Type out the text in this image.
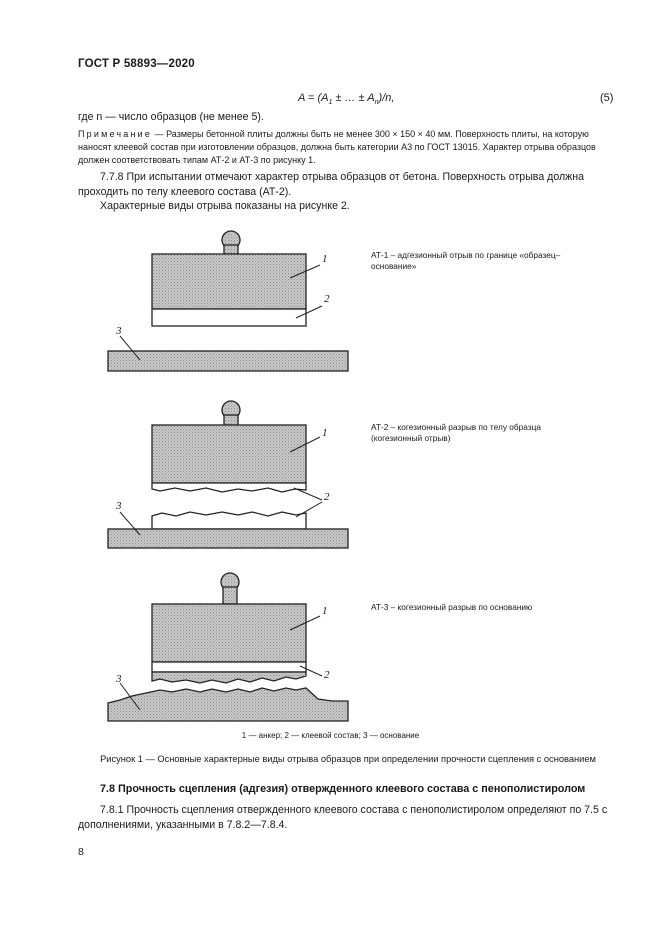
ГОСТ Р 58893—2020
$A = (A_1$ ± … ± $A_n)/n$,	(5)
где n — число образцов (не менее 5).
Примечание — Размеры бетонной плиты должны быть не менее 300 × 150 × 40 мм. Поверхность плиты, на которую наносят клеевой состав при изготовлении образцов, должна быть категории А3 по ГОСТ 13015. Характер отрыва образцов должен соответствовать типам АТ-2 и АТ-3 по рисунку 1.
7.7.8 При испытании отмечают характер отрыва образцов от бетона. Поверхность отрыва должна проходить по телу клеевого состава (АТ-2).
Характерные виды отрыва показаны на рисунке 2.
1
2
3
1
2
3
1
2
3
АТ-1 – адгезионный отрыв по границе «образец–основание»
АТ-2 – когезионный разрыв по телу образца (когезионный отрыв)
АТ-3 – когезионный разрыв по основанию
1 — анкер; 2 — клеевой состав; 3 — основание
Рисунок 1 — Основные характерные виды отрыва образцов при определении прочности сцепления с основанием
7.8 Прочность сцепления (адгезия) отвержденного клеевого состава с пенополистиролом
7.8.1 Прочность сцепления отвержденного клеевого состава с пенополистиролом определяют по 7.5 с дополнениями, указанными в 7.8.2—7.8.4.
8
